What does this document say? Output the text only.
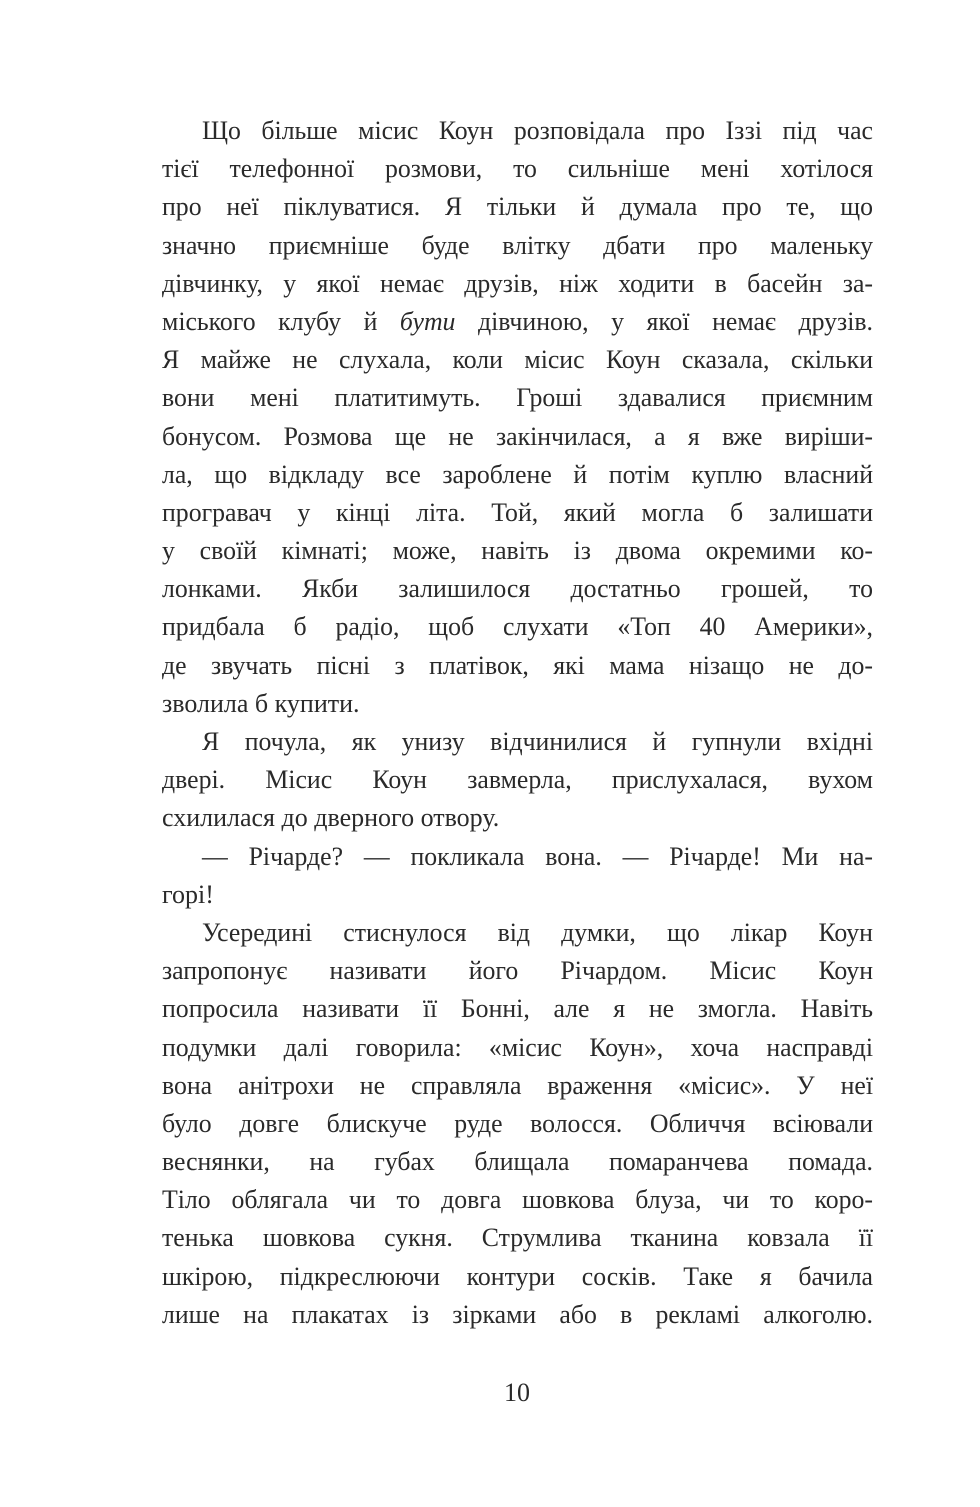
Що більше місис Коун розповідала про Іззі під час
тієї телефонної розмови, то сильніше мені хотілося
про неї піклуватися. Я тільки й думала про те, що
значно приємніше буде влітку дбати про маленьку
дівчинку, у якої немає друзів, ніж ходити в басейн за-
міського клубу й бути дівчиною, у якої немає друзів.
Я майже не слухала, коли місис Коун сказала, скільки
вони мені платитимуть. Гроші здавалися приємним
бонусом. Розмова ще не закінчилася, а я вже виріши-
ла, що відкладу все зароблене й потім куплю власний
програвач у кінці літа. Той, який могла б залишати
у своїй кімнаті; може, навіть із двома окремими ко-
лонками. Якби залишилося достатньо грошей, то
придбала б радіо, щоб слухати «Топ 40 Америки»,
де звучать пісні з платівок, які мама нізащо не до-
зволила б купити.
Я почула, як унизу відчинилися й гупнули вхідні
двері. Місис Коун завмерла, прислухалася, вухом
схилилася до дверного отвору.
— Річарде? — покликала вона. — Річарде! Ми на-
горі!
Усередині стиснулося від думки, що лікар Коун
запропонує називати його Річардом. Місис Коун
попросила називати її Бонні, але я не змогла. Навіть
подумки далі говорила: «місис Коун», хоча насправді
вона анітрохи не справляла враження «місис». У неї
було довге блискуче руде волосся. Обличчя всіювали
веснянки, на губах блищала помаранчева помада.
Тіло облягала чи то довга шовкова блуза, чи то коро-
тенька шовкова сукня. Струмлива тканина ковзала її
шкірою, підкреслюючи контури сосків. Таке я бачила
лише на плакатах із зірками або в рекламі алкоголю.
10
